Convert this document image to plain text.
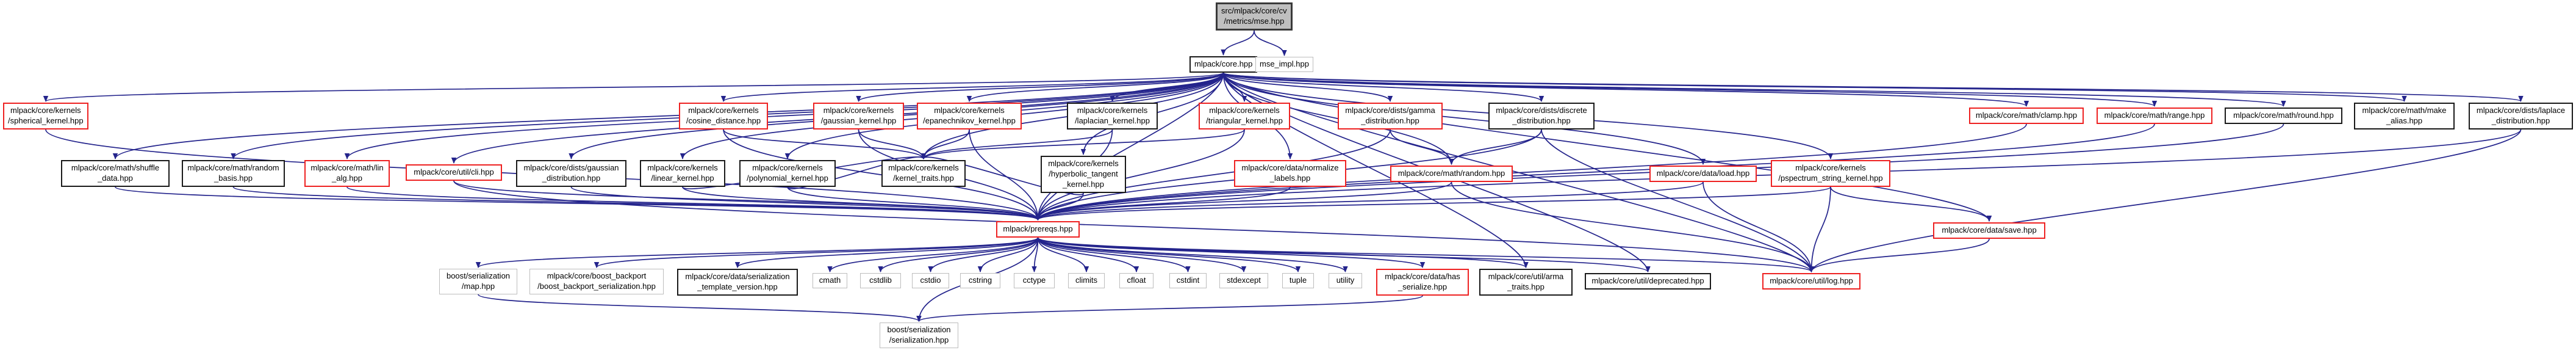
src/mlpack/core/cv
/metrics/mse.hpp
mlpack/core.hpp mse_impl.hpp
mlpack/core/kernels
/spherical_kernel.hpp
mlpack/core/kernels
/cosine_distance.hpp
mlpack/core/kernels
/gaussian_kernel.hpp
mlpack/core/kernels
/epanechnikov_kernel.hpp
mlpack/core/kernels
/laplacian_kernel.hpp
mlpack/core/kernels
/triangular_kernel.hpp
mlpack/core/dists/gamma
_distribution.hpp
mlpack/core/dists/discrete
_distribution.hpp
mlpack/core/math/clamp.hpp	mlpack/core/math/range.hpp	mlpack/core/math/round.hpp
mlpack/core/math/make
_alias.hpp
mlpack/core/dists/laplace
_distribution.hpp
mlpack/core/math/shuffle
_data.hpp
mlpack/core/math/random
_basis.hpp
mlpack/core/math/lin
_alg.hpp
mlpack/core/util/cli.hpp	mlpack/core/dists/gaussian
_distribution.hpp
mlpack/core/kernels
/linear_kernel.hpp
mlpack/core/kernels
/polynomial_kernel.hpp
mlpack/core/kernels
/kernel_traits.hpp
mlpack/core/kernels
/hyperbolic_tangent
_kernel.hpp
mlpack/core/data/normalize
_labels.hpp
mlpack/core/math/random.hpp	mlpack/core/data/load.hpp
mlpack/core/kernels
/pspectrum_string_kernel.hpp
mlpack/core/data/save.hpp
mlpack/prereqs.hpp
boost/serialization
/map.hpp
mlpack/core/boost_backport
/boost_backport_serialization.hpp
mlpack/core/data/serialization
_template_version.hpp
cmath	cstdlib	cstdio	cstring	cctype	climits	cfloat	cstdint	stdexcept	tuple	utility	mlpack/core/data/has
_serialize.hpp
mlpack/core/util/arma
_traits.hpp
mlpack/core/util/deprecated.hpp	mlpack/core/util/log.hpp
boost/serialization
/serialization.hpp
